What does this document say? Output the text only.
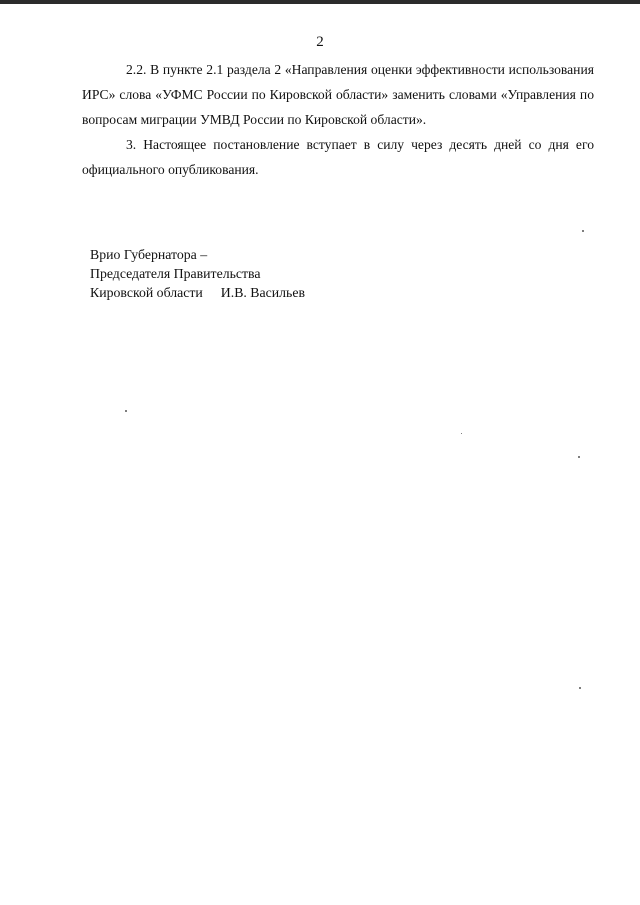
2

2.2. В пункте 2.1 раздела 2 «Направления оценки эффективности использования ИРС» слова «УФМС России по Кировской области» заменить словами «Управления по вопросам миграции УМВД России по Кировской области».

3. Настоящее постановление вступает в силу через десять дней со дня его официального опубликования.

Врио Губернатора –
Председателя Правительства
Кировской области И.В. Васильев
